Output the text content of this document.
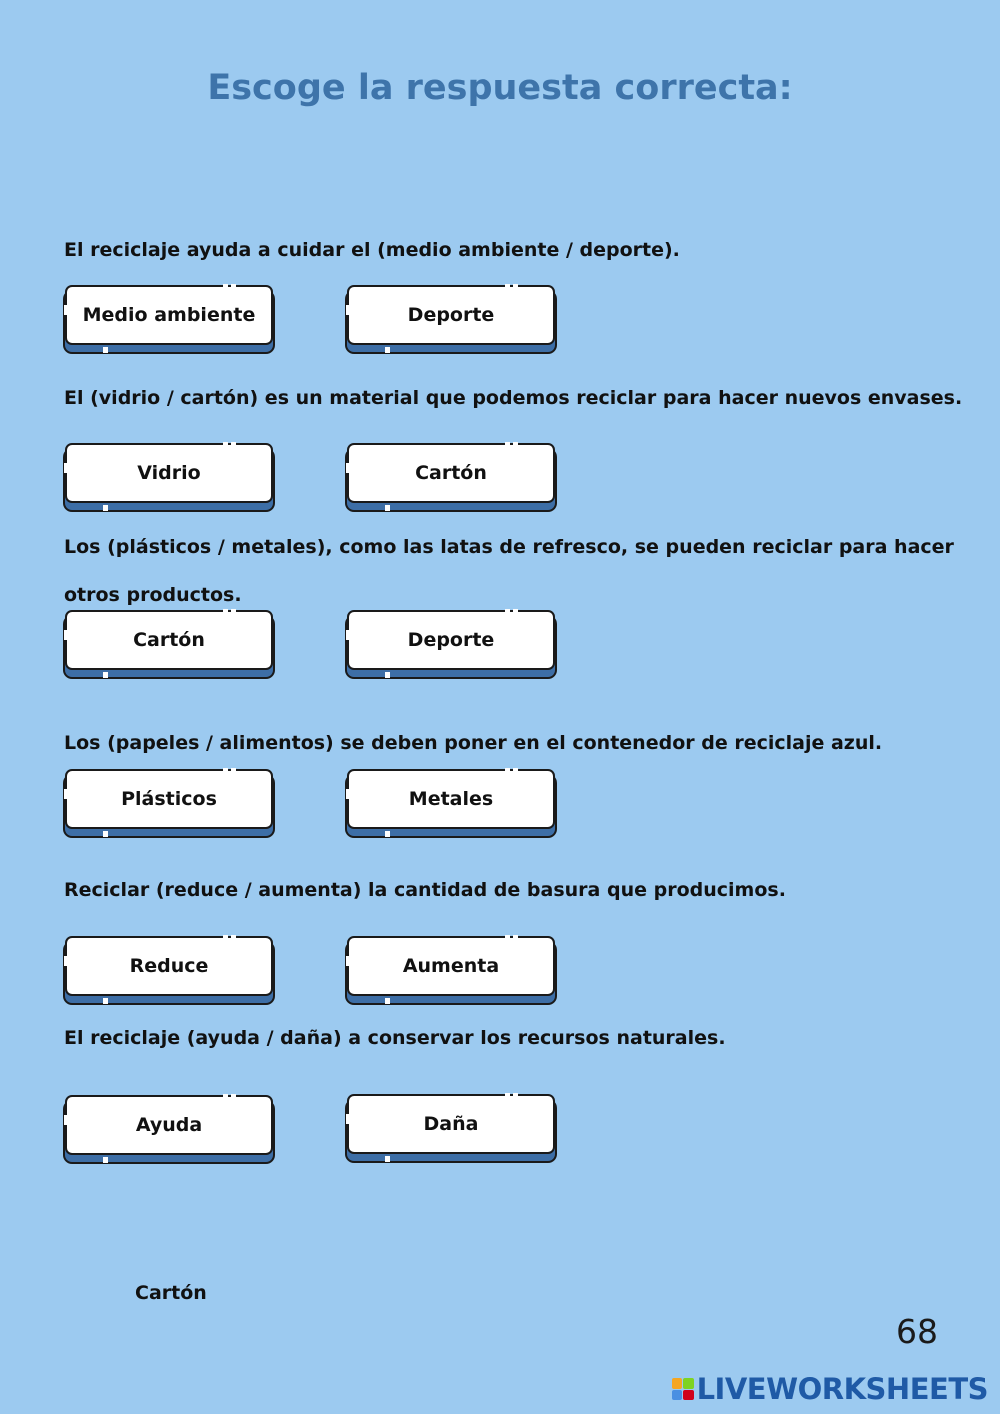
Escoge la respuesta correcta:

El reciclaje ayuda a cuidar el (medio ambiente / deporte).

Medio ambiente	Deporte

El (vidrio / cartón) es un material que podemos reciclar para hacer nuevos envases.

Cartón
Vidrio

Los (plásticos / metales), como las latas de refresco, se pueden reciclar para hacer otros productos.

Cartón	Deporte

Los (papeles / alimentos) se deben poner en el contenedor de reciclaje azul.

Plásticos	Metales

Reciclar (reduce / aumenta) la cantidad de basura que producimos.

Reduce	Aumenta

El reciclaje (ayuda / daña) a conservar los recursos naturales.

Ayuda	Daña
Cartón
68
LIVEWORKSHEETS
